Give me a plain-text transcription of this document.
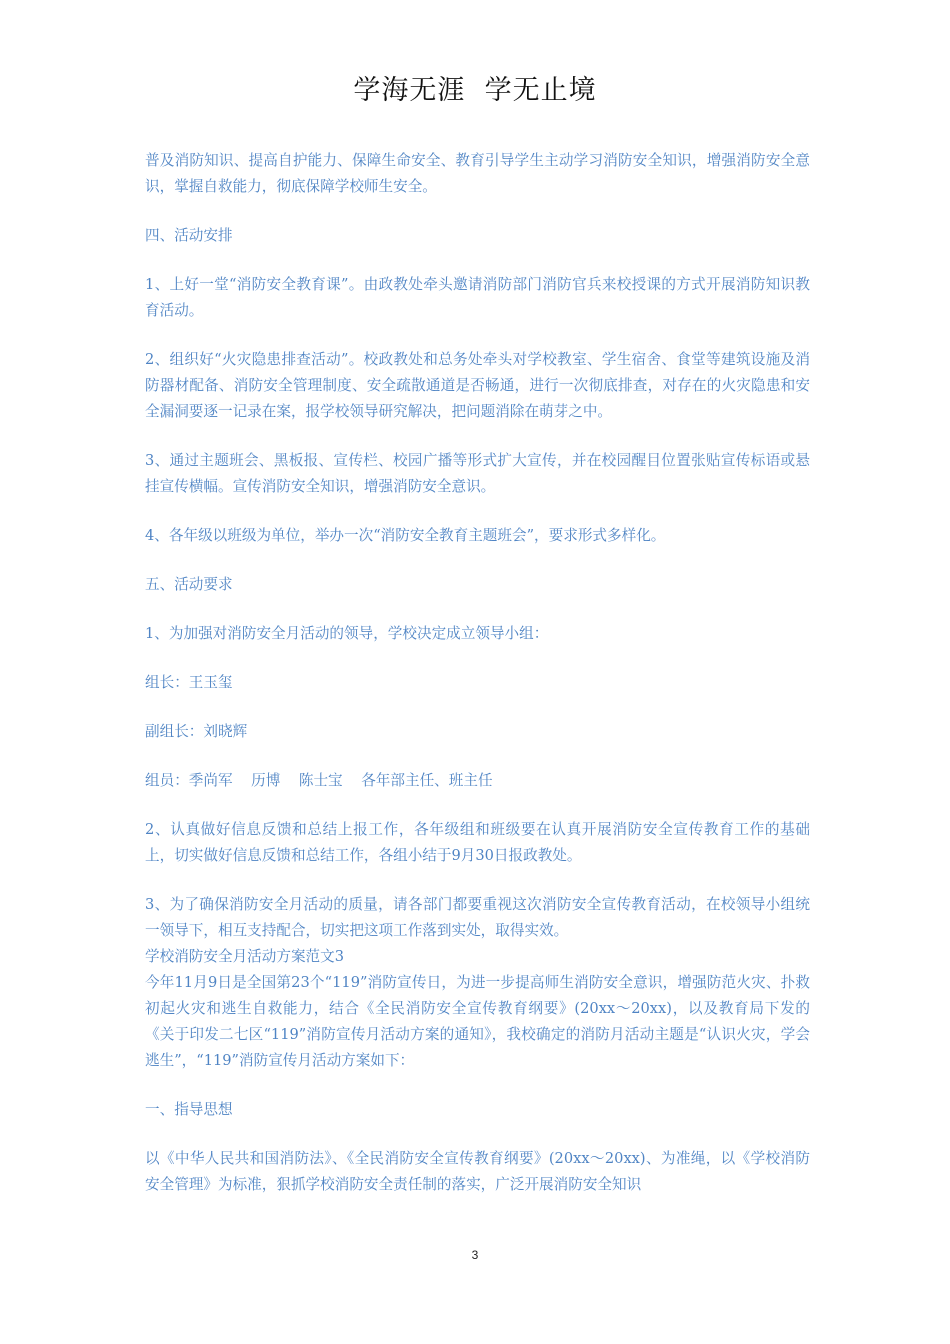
学海无涯  学无止境

普及消防知识、提高自护能力、保障生命安全、教育引导学生主动学习消防安全知识，增强消防安全意识，掌握自救能力，彻底保障学校师生安全。

四、活动安排

1、上好一堂“消防安全教育课”。由政教处牵头邀请消防部门消防官兵来校授课的方式开展消防知识教育活动。

2、组织好“火灾隐患排查活动”。校政教处和总务处牵头对学校教室、学生宿舍、食堂等建筑设施及消防器材配备、消防安全管理制度、安全疏散通道是否畅通，进行一次彻底排查，对存在的火灾隐患和安全漏洞要逐一记录在案，报学校领导研究解决，把问题消除在萌芽之中。

3、通过主题班会、黑板报、宣传栏、校园广播等形式扩大宣传，并在校园醒目位置张贴宣传标语或悬挂宣传横幅。宣传消防安全知识，增强消防安全意识。

4、各年级以班级为单位，举办一次“消防安全教育主题班会”，要求形式多样化。

五、活动要求

1、为加强对消防安全月活动的领导，学校决定成立领导小组：

组长：王玉玺

副组长：刘晓辉

组员：季尚军    历博    陈士宝    各年部主任、班主任

2、认真做好信息反馈和总结上报工作，各年级组和班级要在认真开展消防安全宣传教育工作的基础上，切实做好信息反馈和总结工作，各组小结于9月30日报政教处。

3、为了确保消防安全月活动的质量，请各部门都要重视这次消防安全宣传教育活动，在校领导小组统一领导下，相互支持配合，切实把这项工作落到实处，取得实效。

学校消防安全月活动方案范文3

今年11月9日是全国第23个“119”消防宣传日，为进一步提高师生消防安全意识，增强防范火灾、扑救初起火灾和逃生自救能力，结合《全民消防安全宣传教育纲要》(20xx～20xx)，以及教育局下发的《关于印发二七区“119”消防宣传月活动方案的通知》，我校确定的消防月活动主题是“认识火灾，学会逃生”，“119”消防宣传月活动方案如下：

一、指导思想

以《中华人民共和国消防法》、《全民消防安全宣传教育纲要》(20xx～20xx)、为准绳，以《学校消防安全管理》为标准，狠抓学校消防安全责任制的落实，广泛开展消防安全知识

3
